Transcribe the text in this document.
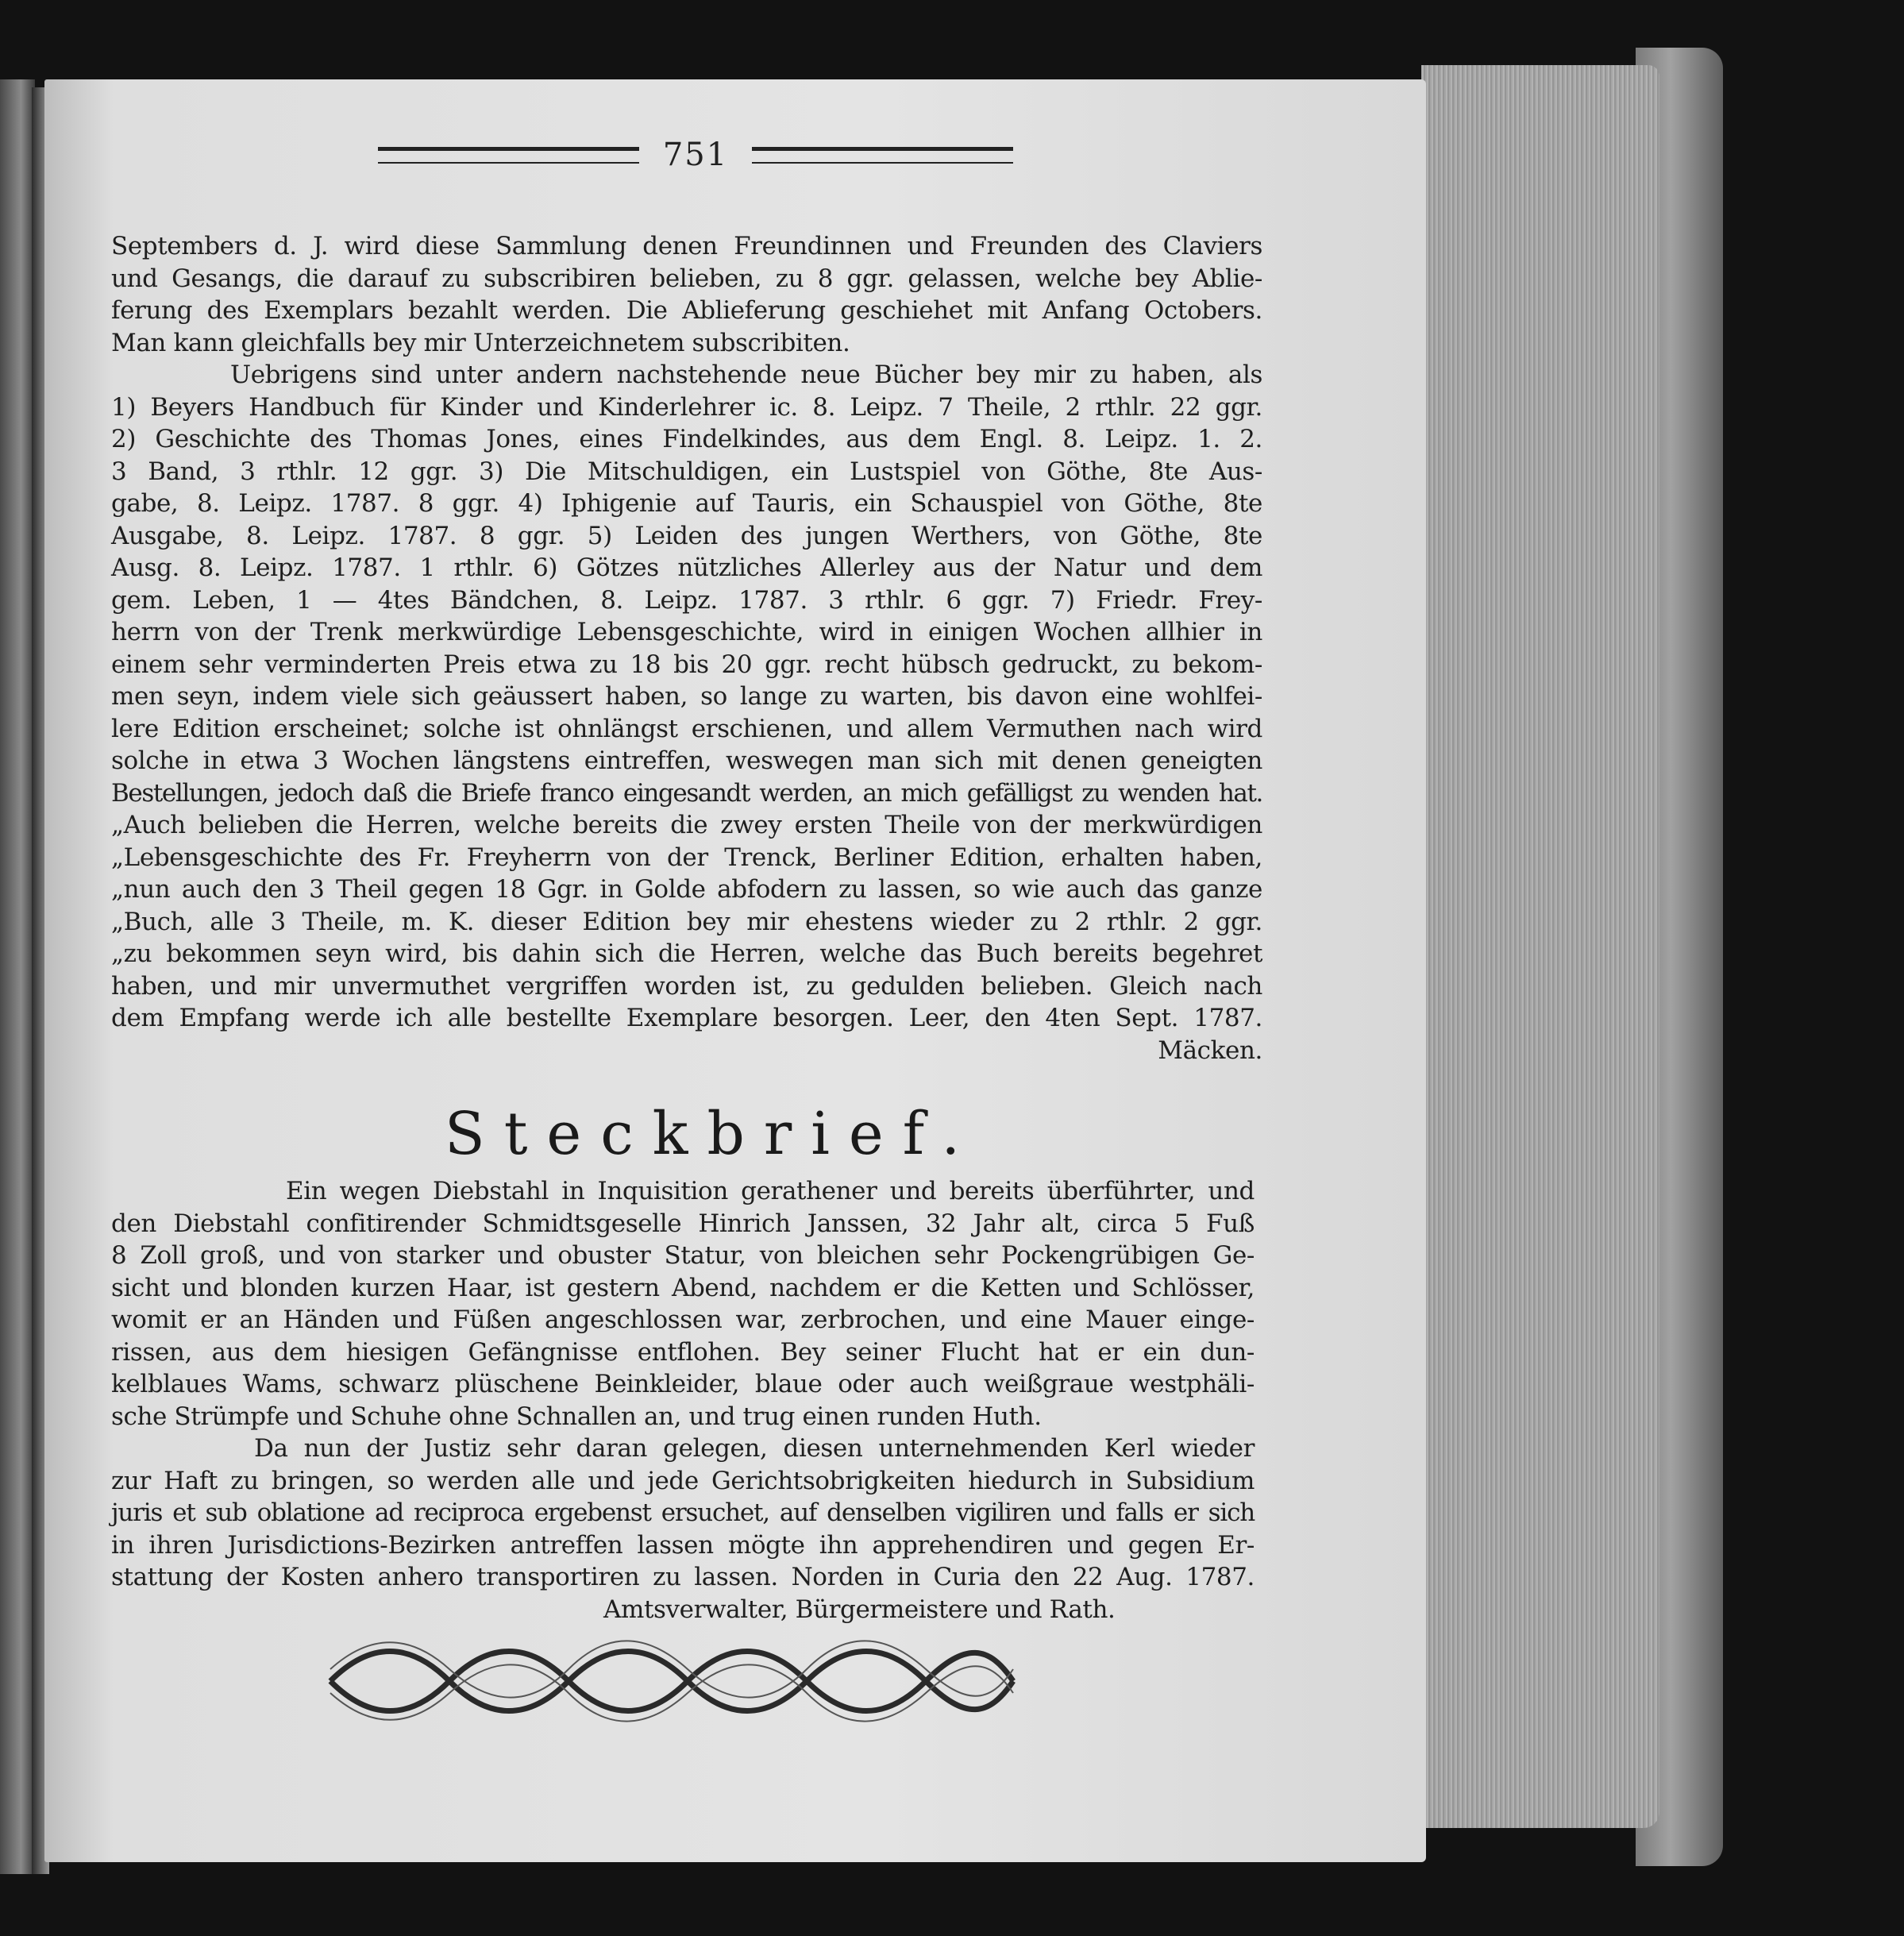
751
Septembers d. J. wird diese Sammlung denen Freundinnen und Freunden des Claviers
und Gesangs, die darauf zu subscribiren belieben, zu 8 ggr. gelassen, welche bey Ablie-
ferung des Exemplars bezahlt werden. Die Ablieferung geschiehet mit Anfang Octobers.
Man kann gleichfalls bey mir Unterzeichnetem subscribiten.
Uebrigens sind unter andern nachstehende neue Bücher bey mir zu haben, als
1) Beyers Handbuch für Kinder und Kinderlehrer ic. 8. Leipz. 7 Theile, 2 rthlr. 22 ggr.
2) Geschichte des Thomas Jones, eines Findelkindes, aus dem Engl. 8. Leipz. 1. 2.
3 Band, 3 rthlr. 12 ggr. 3) Die Mitschuldigen, ein Lustspiel von Göthe, 8te Aus-
gabe, 8. Leipz. 1787. 8 ggr. 4) Iphigenie auf Tauris, ein Schauspiel von Göthe, 8te
Ausgabe, 8. Leipz. 1787. 8 ggr. 5) Leiden des jungen Werthers, von Göthe, 8te
Ausg. 8. Leipz. 1787. 1 rthlr. 6) Götzes nützliches Allerley aus der Natur und dem
gem. Leben, 1 — 4tes Bändchen, 8. Leipz. 1787. 3 rthlr. 6 ggr. 7) Friedr. Frey-
herrn von der Trenk merkwürdige Lebensgeschichte, wird in einigen Wochen allhier in
einem sehr verminderten Preis etwa zu 18 bis 20 ggr. recht hübsch gedruckt, zu bekom-
men seyn, indem viele sich geäussert haben, so lange zu warten, bis davon eine wohlfei-
lere Edition erscheinet; solche ist ohnlängst erschienen, und allem Vermuthen nach wird
solche in etwa 3 Wochen längstens eintreffen, weswegen man sich mit denen geneigten
Bestellungen, jedoch daß die Briefe franco eingesandt werden, an mich gefälligst zu wenden hat.
„Auch belieben die Herren, welche bereits die zwey ersten Theile von der merkwürdigen
„Lebensgeschichte des Fr. Freyherrn von der Trenck, Berliner Edition, erhalten haben,
„nun auch den 3 Theil gegen 18 Ggr. in Golde abfodern zu lassen, so wie auch das ganze
„Buch, alle 3 Theile, m. K. dieser Edition bey mir ehestens wieder zu 2 rthlr. 2 ggr.
„zu bekommen seyn wird, bis dahin sich die Herren, welche das Buch bereits begehret
haben, und mir unvermuthet vergriffen worden ist, zu gedulden belieben. Gleich nach
dem Empfang werde ich alle bestellte Exemplare besorgen. Leer, den 4ten Sept. 1787.
Mäcken.
Steckbrief.
Ein wegen Diebstahl in Inquisition gerathener und bereits überführter, und
den Diebstahl confitirender Schmidtsgeselle Hinrich Janssen, 32 Jahr alt, circa 5 Fuß
8 Zoll groß, und von starker und obuster Statur, von bleichen sehr Pockengrübigen Ge-
sicht und blonden kurzen Haar, ist gestern Abend, nachdem er die Ketten und Schlösser,
womit er an Händen und Füßen angeschlossen war, zerbrochen, und eine Mauer einge-
rissen, aus dem hiesigen Gefängnisse entflohen. Bey seiner Flucht hat er ein dun-
kelblaues Wams, schwarz plüschene Beinkleider, blaue oder auch weißgraue westphäli-
sche Strümpfe und Schuhe ohne Schnallen an, und trug einen runden Huth.
Da nun der Justiz sehr daran gelegen, diesen unternehmenden Kerl wieder
zur Haft zu bringen, so werden alle und jede Gerichtsobrigkeiten hiedurch in Subsidium
juris et sub oblatione ad reciproca ergebenst ersuchet, auf denselben vigiliren und falls er sich
in ihren Jurisdictions-Bezirken antreffen lassen mögte ihn apprehendiren und gegen Er-
stattung der Kosten anhero transportiren zu lassen. Norden in Curia den 22 Aug. 1787.
Amtsverwalter, Bürgermeistere und Rath.
